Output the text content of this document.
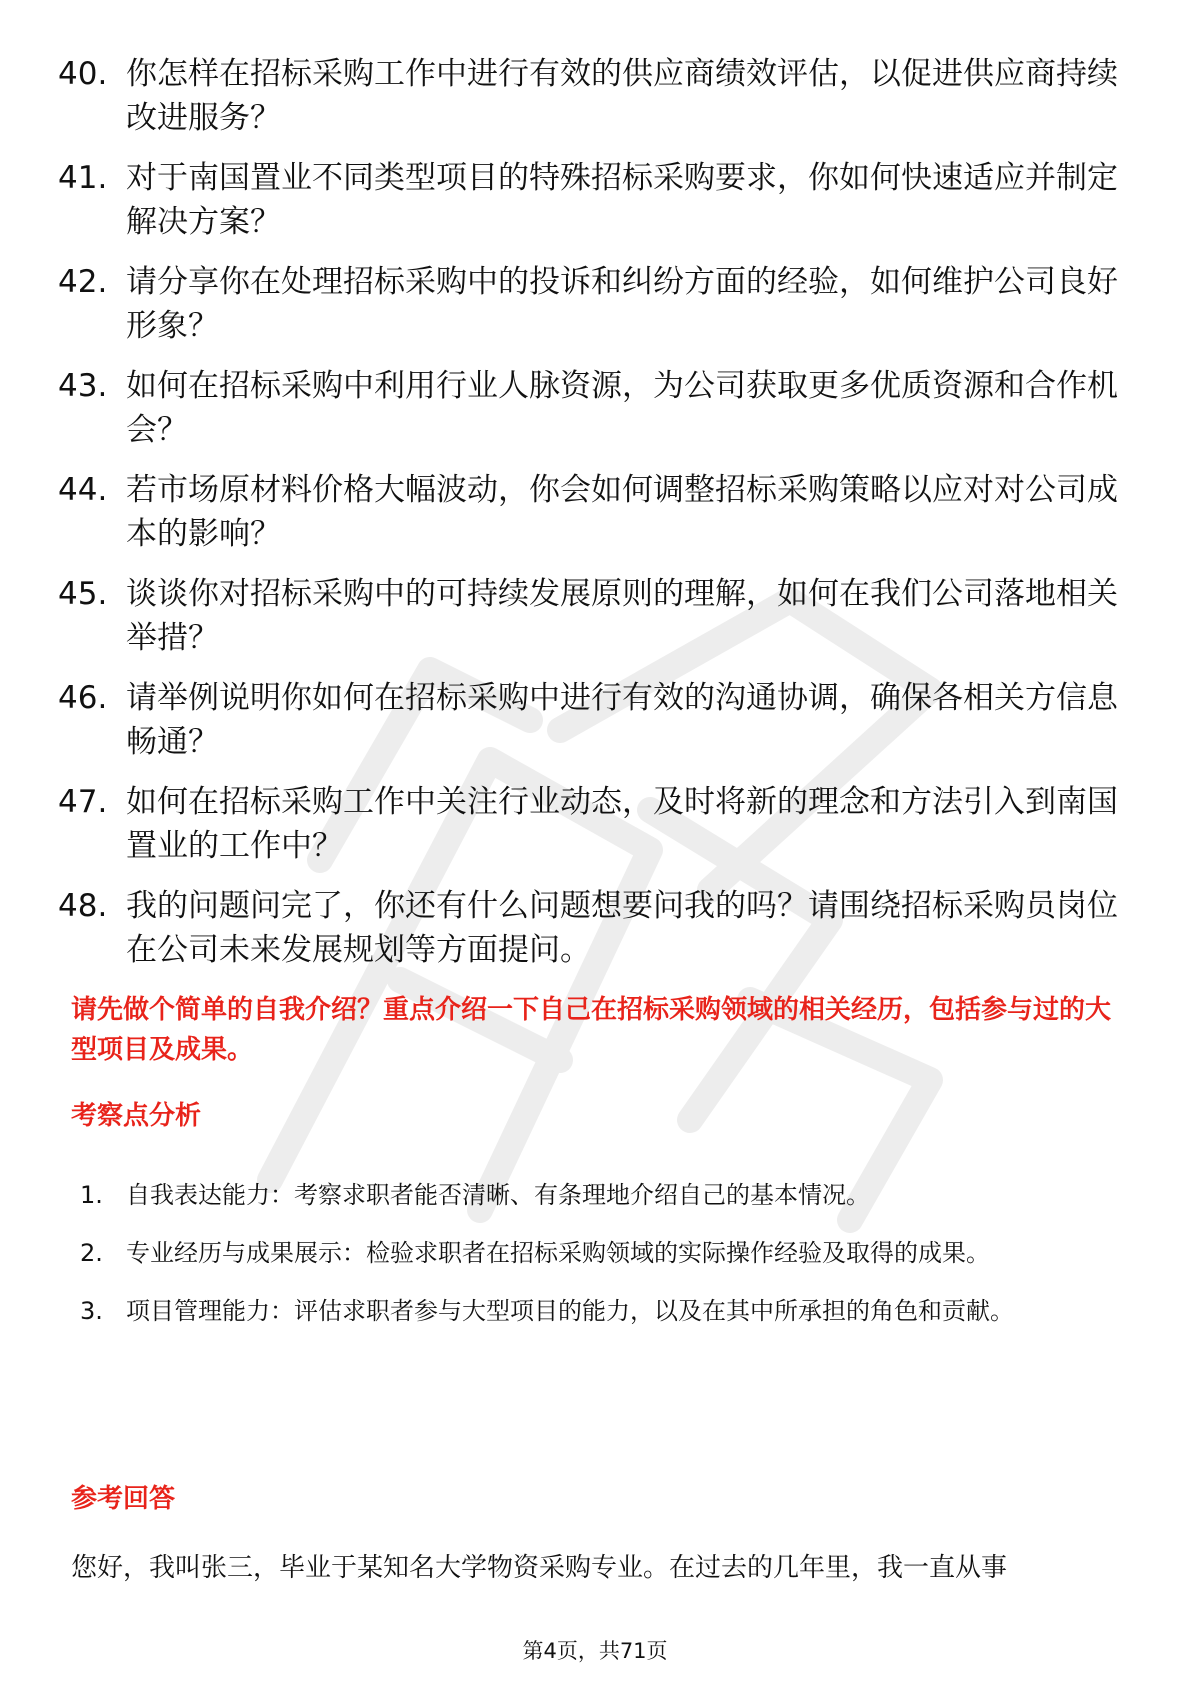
40. 你怎样在招标采购工作中进行有效的供应商绩效评估，以促进供应商持续改进服务？
41. 对于南国置业不同类型项目的特殊招标采购要求，你如何快速适应并制定解决方案？
42. 请分享你在处理招标采购中的投诉和纠纷方面的经验，如何维护公司良好形象？
43. 如何在招标采购中利用行业人脉资源，为公司获取更多优质资源和合作机会？
44. 若市场原材料价格大幅波动，你会如何调整招标采购策略以应对对公司成本的影响？
45. 谈谈你对招标采购中的可持续发展原则的理解，如何在我们公司落地相关举措？
46. 请举例说明你如何在招标采购中进行有效的沟通协调，确保各相关方信息畅通？
47. 如何在招标采购工作中关注行业动态，及时将新的理念和方法引入到南国置业的工作中？
48. 我的问题问完了，你还有什么问题想要问我的吗？请围绕招标采购员岗位在公司未来发展规划等方面提问。
请先做个简单的自我介绍？重点介绍一下自己在招标采购领域的相关经历，包括参与过的大型项目及成果。
考察点分析
1. 自我表达能力：考察求职者能否清晰、有条理地介绍自己的基本情况。
2. 专业经历与成果展示：检验求职者在招标采购领域的实际操作经验及取得的成果。
3. 项目管理能力：评估求职者参与大型项目的能力，以及在其中所承担的角色和贡献。
参考回答
您好，我叫张三，毕业于某知名大学物资采购专业。在过去的几年里，我一直从事
第4页，共71页
